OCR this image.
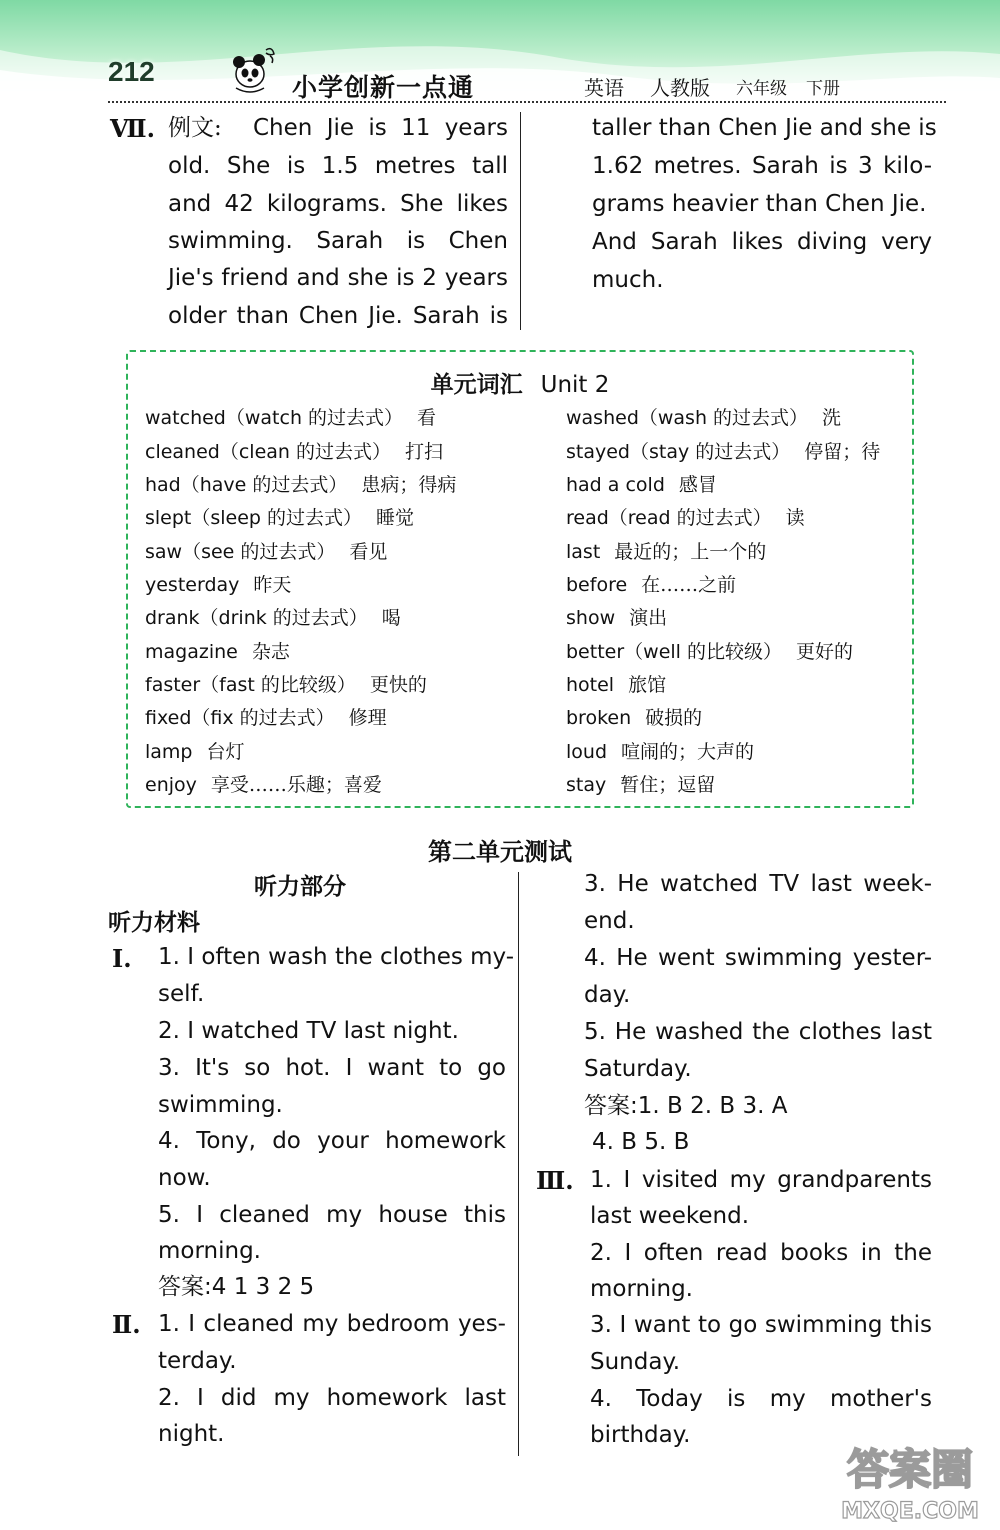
212
小学创新一点通	英语 人教版 六年级 下册
Ⅶ. 例文: Chen Jie is 11 years
old. She is 1.5 metres tall
and 42 kilograms. She likes
swimming. Sarah is Chen
Jie's friend and she is 2 years
older than Chen Jie. Sarah is
taller than Chen Jie and she is
1.62 metres. Sarah is 3 kilo-
grams heavier than Chen Jie.
And Sarah likes diving very
much.
单元词汇 Unit 2
watched（watch 的过去式） 看
cleaned（clean 的过去式） 打扫
had（have 的过去式） 患病；得病
slept（sleep 的过去式） 睡觉
saw（see 的过去式） 看见
yesterday 昨天
drank（drink 的过去式） 喝
magazine 杂志
faster（fast 的比较级） 更快的
fixed（fix 的过去式） 修理
lamp 台灯
enjoy 享受……乐趣；喜爱
washed（wash 的过去式） 洗
stayed（stay 的过去式） 停留；待
had a cold 感冒
read（read 的过去式） 读
last 最近的；上一个的
before 在……之前
show 演出
better（well 的比较级） 更好的
hotel 旅馆
broken 破损的
loud 喧闹的；大声的
stay 暂住；逗留
第二单元测试
听力部分
听力材料
Ⅰ.
Ⅱ.
Ⅲ.
1. I often wash the clothes my-
self.
2. I watched TV last night.
3. It's so hot. I want to go
swimming.
4. Tony, do your homework
now.
5. I cleaned my house this
morning.
答案:4 1 3 2 5
1. I cleaned my bedroom yes-
terday.
2. I did my homework last
night.
3. He watched TV last week-
end.
4. He went swimming yester-
day.
5. He washed the clothes last
Saturday.
答案:1. B 2. B 3. A
4. B 5. B
1. I visited my grandparents
last weekend.
2. I often read books in the
morning.
3. I want to go swimming this
Sunday.
4. Today is my mother's
birthday.
答案圈
MXQE.COM
